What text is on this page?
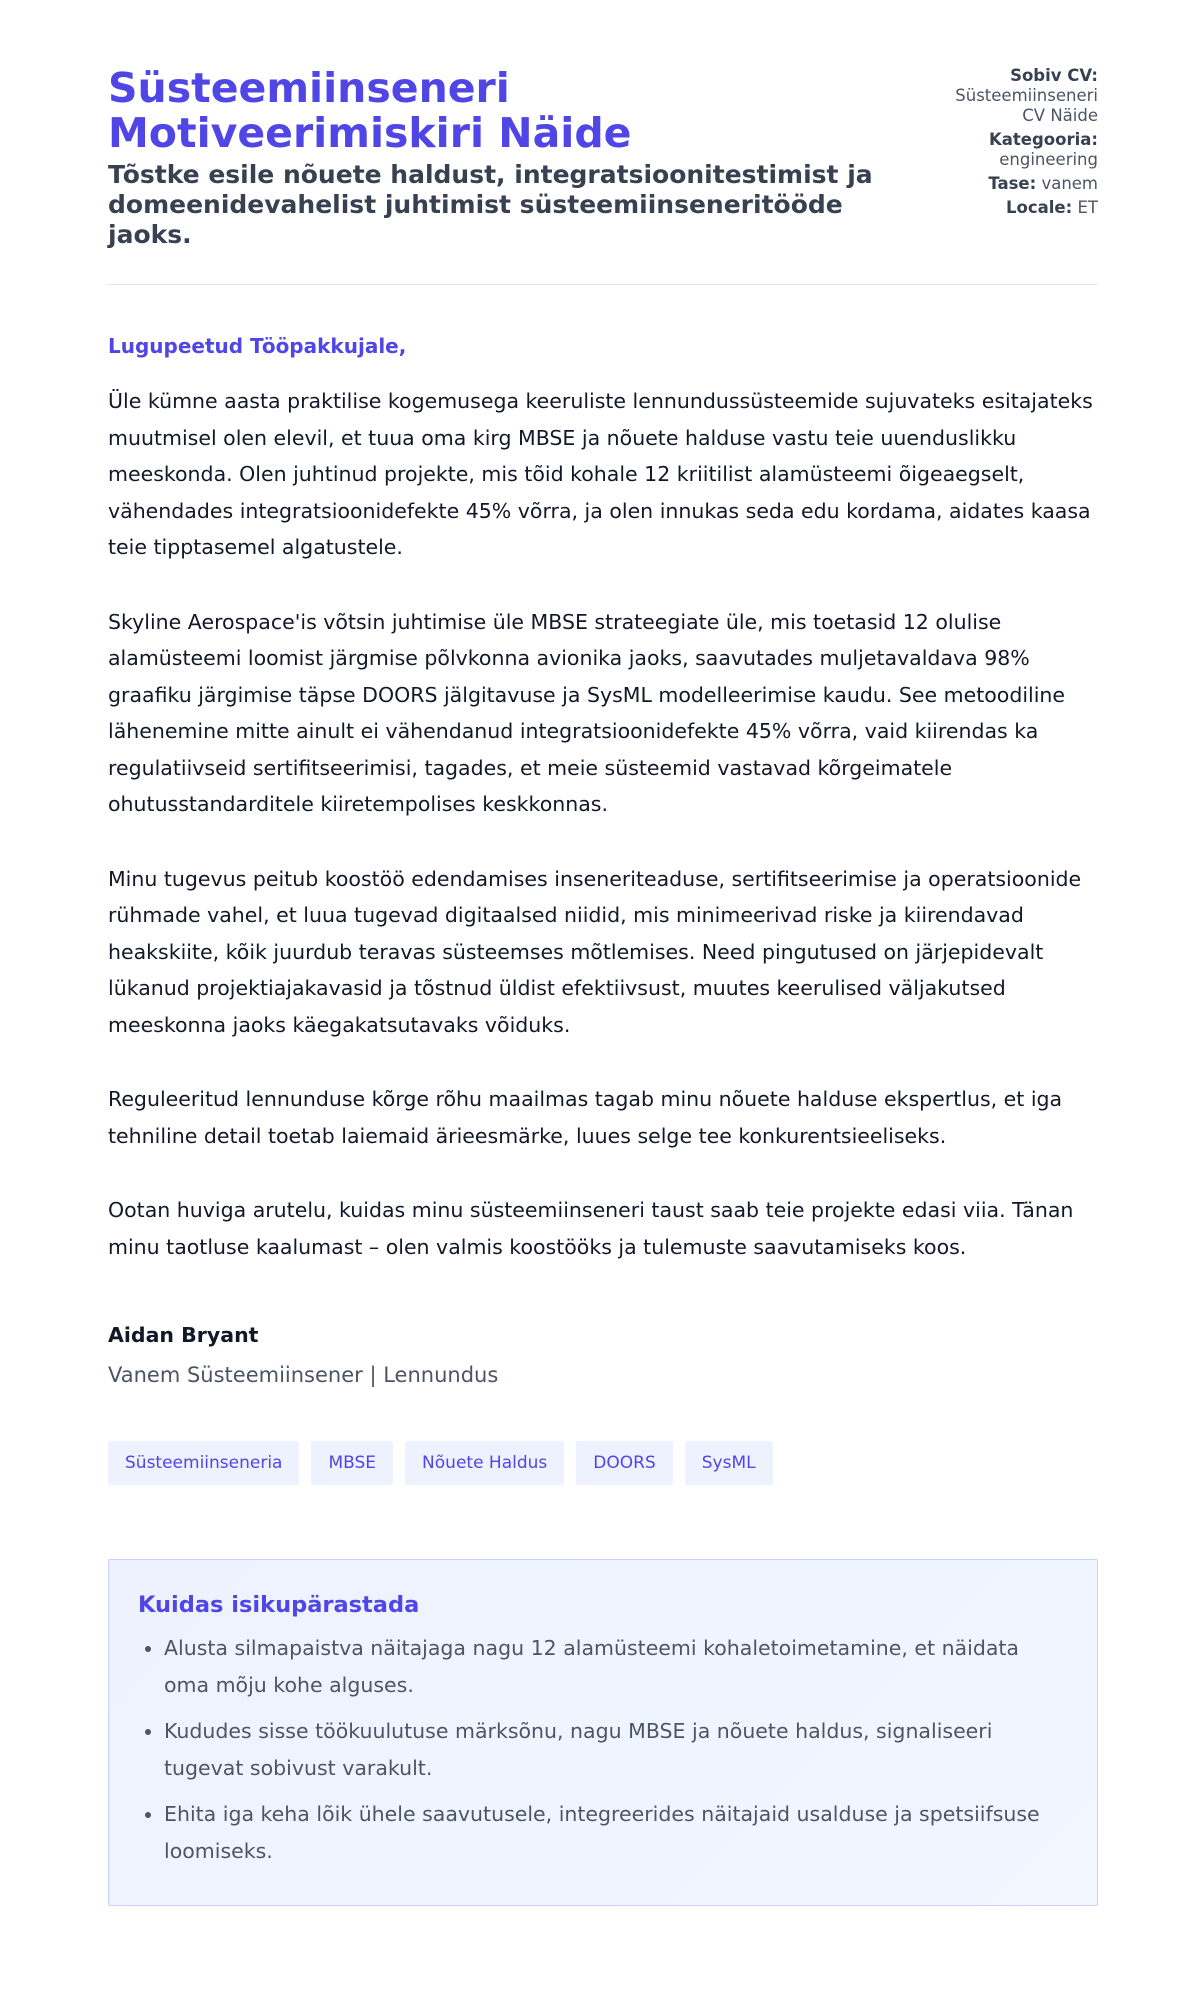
Süsteemiinseneri Motiveerimiskiri Näide
Tõstke esile nõuete haldust, integratsioonitestimist ja domeenidevahelist juhtimist süsteemiinseneritööde jaoks.
Sobiv CV:
Süsteemiinseneri CV Näide
Kategooria:
engineering
Tase: vanem
Locale: ET

Lugupeetud Tööpakkujale,

Üle kümne aasta praktilise kogemusega keeruliste lennundussüsteemide sujuvateks esitajateks muutmisel olen elevil, et tuua oma kirg MBSE ja nõuete halduse vastu teie uuenduslikku meeskonda. Olen juhtinud projekte, mis tõid kohale 12 kriitilist alamüsteemi õigeaegselt, vähendades integratsioonidefekte 45% võrra, ja olen innukas seda edu kordama, aidates kaasa teie tipptasemel algatustele.

Skyline Aerospace'is võtsin juhtimise üle MBSE strateegiate üle, mis toetasid 12 olulise alamüsteemi loomist järgmise põlvkonna avionika jaoks, saavutades muljetavaldava 98% graafiku järgimise täpse DOORS jälgitavuse ja SysML modelleerimise kaudu. See metoodiline lähenemine mitte ainult ei vähendanud integratsioonidefekte 45% võrra, vaid kiirendas ka regulatiivseid sertifitseerimisi, tagades, et meie süsteemid vastavad kõrgeimatele ohutusstandarditele kiiretempolises keskkonnas.

Minu tugevus peitub koostöö edendamises inseneriteaduse, sertifitseerimise ja operatsioonide rühmade vahel, et luua tugevad digitaalsed niidid, mis minimeerivad riske ja kiirendavad heakskiite, kõik juurdub teravas süsteemses mõtlemises. Need pingutused on järjepidevalt lükanud projektiajakavasid ja tõstnud üldist efektiivsust, muutes keerulised väljakutsed meeskonna jaoks käegakatsutavaks võiduks.

Reguleeritud lennunduse kõrge rõhu maailmas tagab minu nõuete halduse ekspertlus, et iga tehniline detail toetab laiemaid ärieesmärke, luues selge tee konkurentsieeliseks.

Ootan huviga arutelu, kuidas minu süsteemiinseneri taust saab teie projekte edasi viia. Tänan minu taotluse kaalumast – olen valmis koostööks ja tulemuste saavutamiseks koos.

Aidan Bryant

Vanem Süsteemiinsener | Lennundus

Süsteemiinseneria	MBSE	Nõuete Haldus	DOORS	SysML
Kuidas isikupärastada
• Alusta silmapaistva näitajaga nagu 12 alamüsteemi kohaletoimetamine, et näidata oma mõju kohe alguses.
• Kududes sisse töökuulutuse märksõnu, nagu MBSE ja nõuete haldus, signaliseeri tugevat sobivust varakult.
• Ehita iga keha lõik ühele saavutusele, integreerides näitajaid usalduse ja spetsiifsuse loomiseks.
